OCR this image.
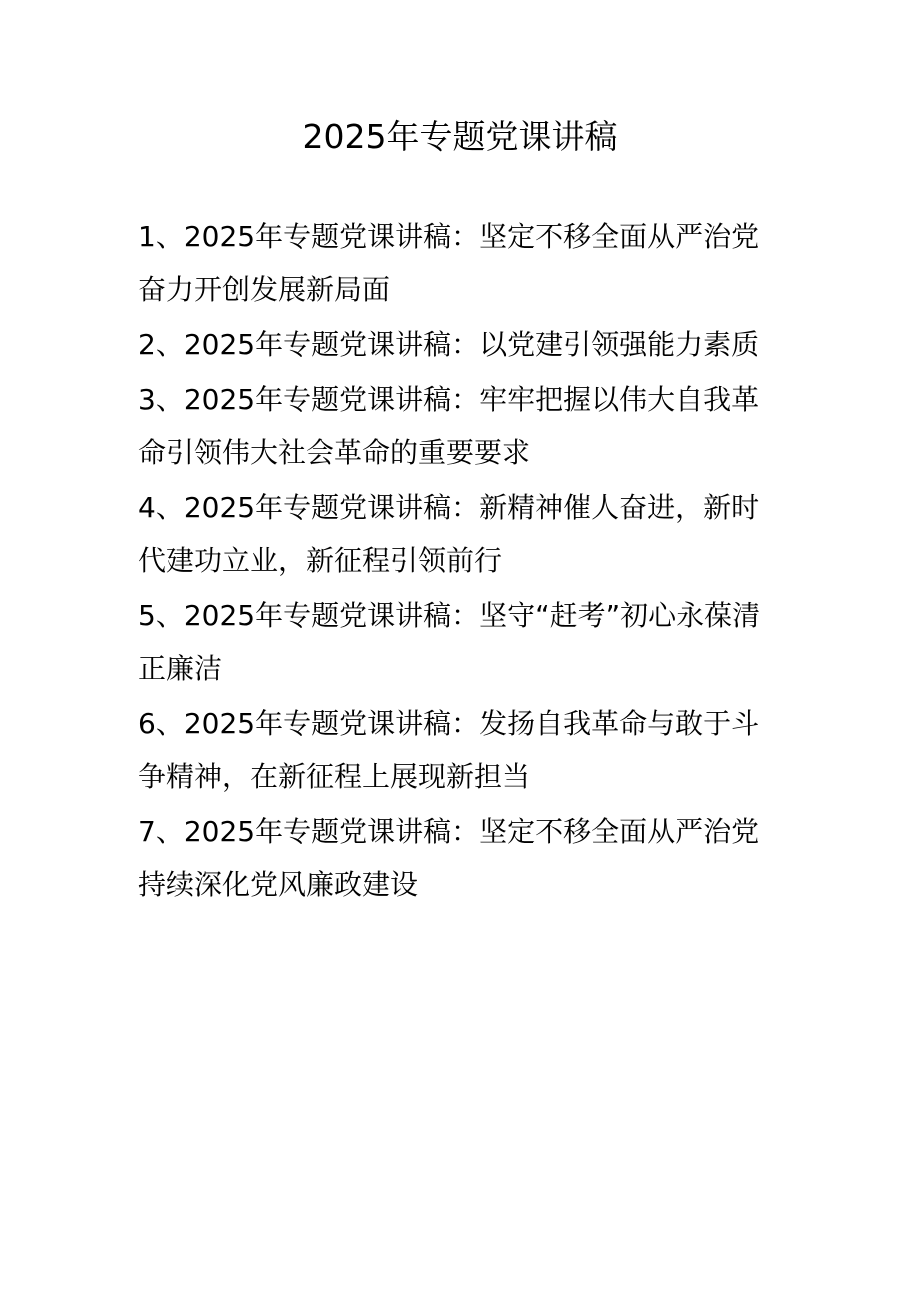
2025年专题党课讲稿
1、2025年专题党课讲稿：坚定不移全面从严治党奋力开创发展新局面
2、2025年专题党课讲稿：以党建引领强能力素质
3、2025年专题党课讲稿：牢牢把握以伟大自我革命引领伟大社会革命的重要要求
4、2025年专题党课讲稿：新精神催人奋进，新时代建功立业，新征程引领前行
5、2025年专题党课讲稿：坚守“赶考”初心永葆清正廉洁
6、2025年专题党课讲稿：发扬自我革命与敢于斗争精神，在新征程上展现新担当
7、2025年专题党课讲稿：坚定不移全面从严治党持续深化党风廉政建设
